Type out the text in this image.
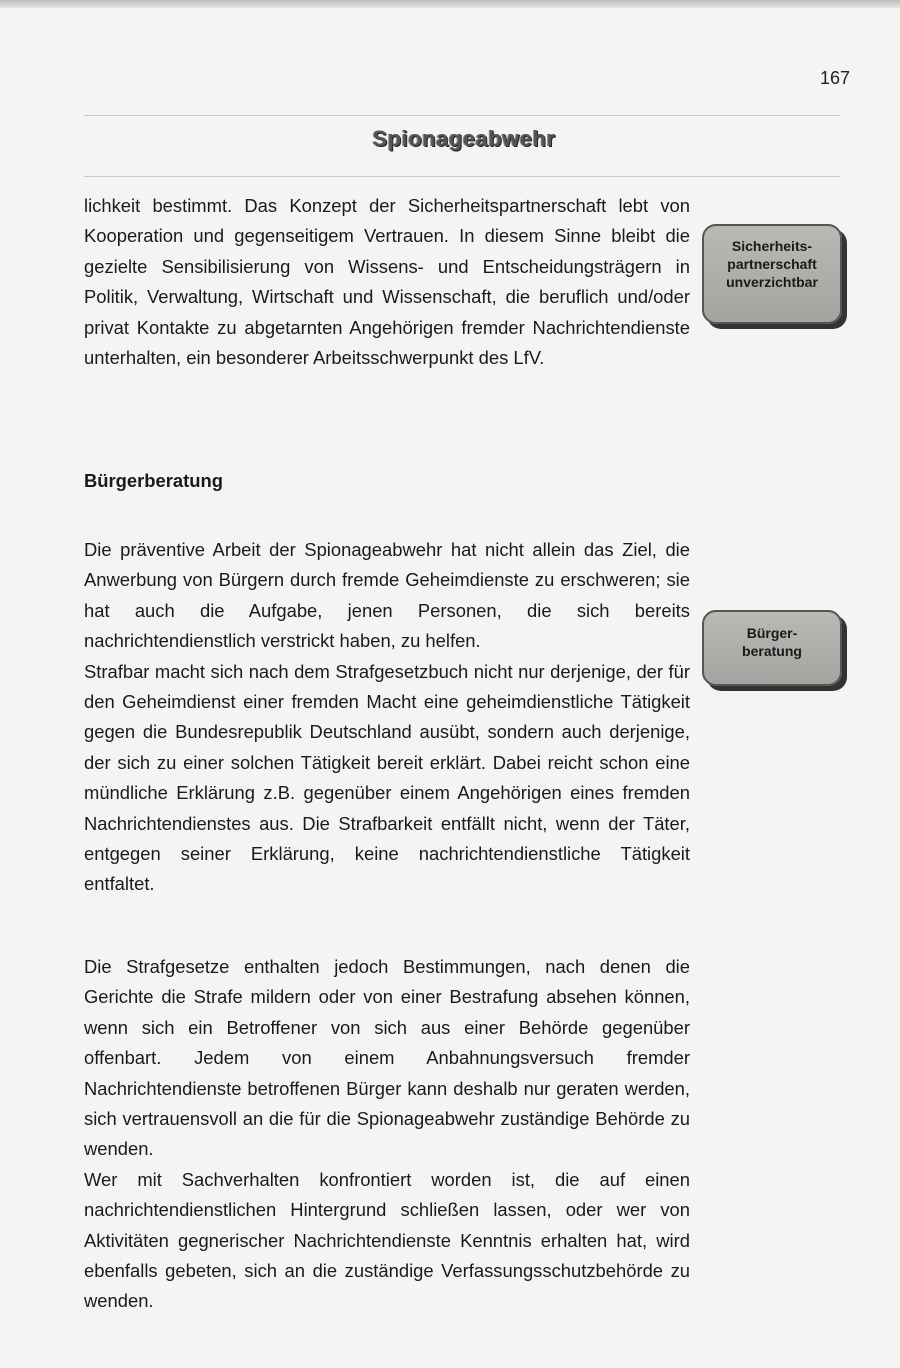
167
Spionageabwehr

lichkeit bestimmt. Das Konzept der Sicherheitspartnerschaft lebt von Kooperation und gegenseitigem Vertrauen. In diesem Sinne bleibt die gezielte Sensibilisierung von Wissens- und Entscheidungsträgern in Politik, Verwaltung, Wirtschaft und Wissenschaft, die beruflich und/oder privat Kontakte zu abgetarnten Angehörigen fremder Nachrichtendienste unterhalten, ein besonderer Arbeitsschwerpunkt des LfV.

Sicherheits-
partnerschaft
unverzichtbar
Bürgerberatung

Die präventive Arbeit der Spionageabwehr hat nicht allein das Ziel, die Anwerbung von Bürgern durch fremde Geheimdienste zu erschweren; sie hat auch die Aufgabe, jenen Personen, die sich bereits nachrichtendienstlich verstrickt haben, zu helfen.

Strafbar macht sich nach dem Strafgesetzbuch nicht nur derjenige, der für den Geheimdienst einer fremden Macht eine geheimdienstliche Tätigkeit gegen die Bundesrepublik Deutschland ausübt, sondern auch derjenige, der sich zu einer solchen Tätigkeit bereit erklärt. Dabei reicht schon eine mündliche Erklärung z.B. gegenüber einem Angehörigen eines fremden Nachrichtendienstes aus. Die Strafbarkeit entfällt nicht, wenn der Täter, entgegen seiner Erklärung, keine nachrichtendienstliche Tätigkeit entfaltet.

Bürger-
beratung

Die Strafgesetze enthalten jedoch Bestimmungen, nach denen die Gerichte die Strafe mildern oder von einer Bestrafung absehen können, wenn sich ein Betroffener von sich aus einer Behörde gegenüber offenbart. Jedem von einem Anbahnungsversuch fremder Nachrichtendienste betroffenen Bürger kann deshalb nur geraten werden, sich vertrauensvoll an die für die Spionageabwehr zuständige Behörde zu wenden.

Wer mit Sachverhalten konfrontiert worden ist, die auf einen nachrichtendienstlichen Hintergrund schließen lassen, oder wer von Aktivitäten gegnerischer Nachrichtendienste Kenntnis erhalten hat, wird ebenfalls gebeten, sich an die zuständige Verfassungsschutzbehörde zu wenden.
